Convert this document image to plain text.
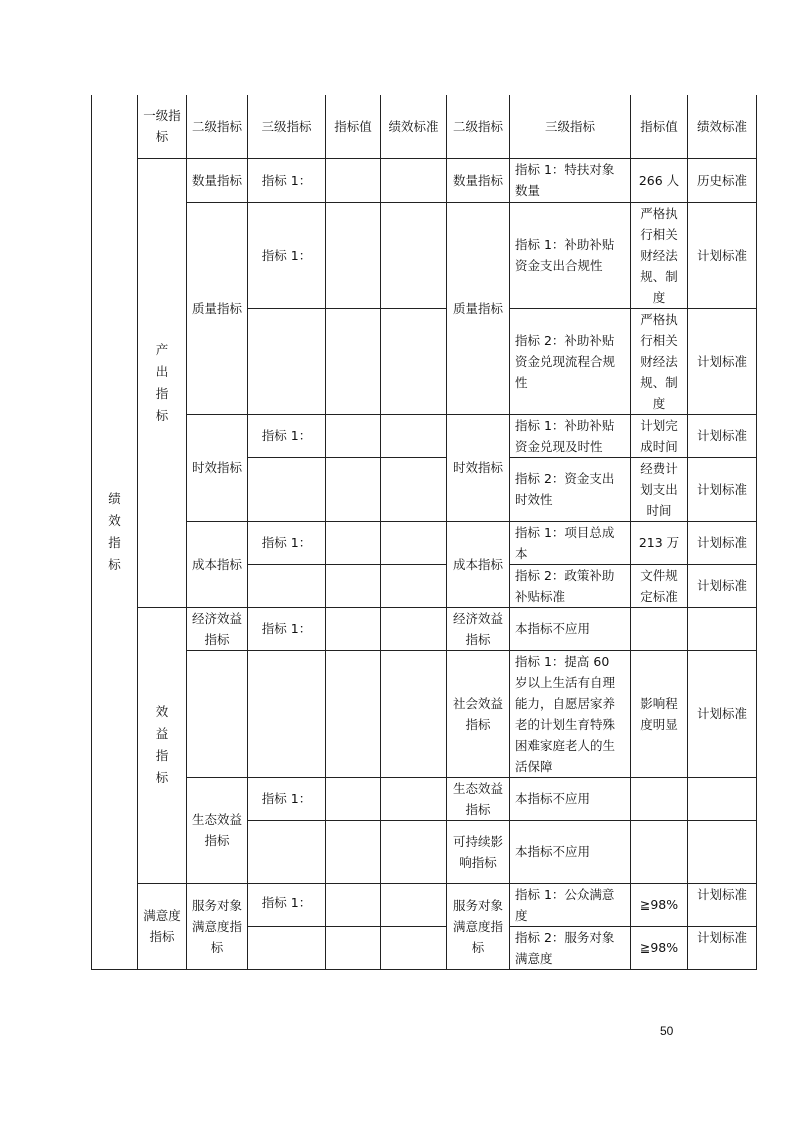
绩效指标	一级指标	二级指标	三级指标	指标值	绩效标准	二级指标	三级指标	指标值	绩效标准
	产出指标	数量指标	指标 1：			数量指标	指标 1：特扶对象数量	266 人	历史标准
		质量指标	指标 1：			质量指标	指标 1：补助补贴资金支出合规性	严格执行相关财经法规、制度	计划标准
							指标 2：补助补贴资金兑现流程合规性	严格执行相关财经法规、制度	计划标准
		时效指标	指标 1：			时效指标	指标 1：补助补贴资金兑现及时性	计划完成时间	计划标准
							指标 2：资金支出时效性	经费计划支出时间	计划标准
		成本指标	指标 1：			成本指标	指标 1：项目总成本	213 万	计划标准
							指标 2：政策补助补贴标准	文件规定标准	计划标准
	效益指标	经济效益指标	指标 1：			经济效益指标	本指标不应用		
						社会效益指标	指标 1：提高 60 岁以上生活有自理能力，自愿居家养老的计划生育特殊困难家庭老人的生活保障	影响程度明显	计划标准
		生态效益指标	指标 1：			生态效益指标	本指标不应用		
						可持续影响指标	本指标不应用		
	满意度指标	服务对象满意度指标	指标 1：			服务对象满意度指标	指标 1：公众满意度	≧98%	计划标准
							指标 2：服务对象满意度	≧98%	计划标准
50
